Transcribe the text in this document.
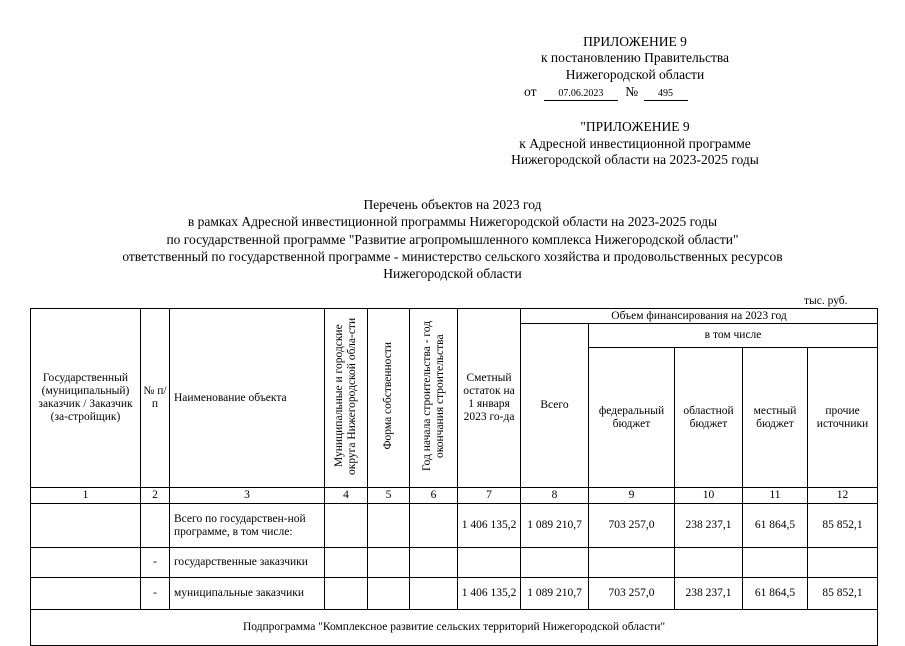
ПРИЛОЖЕНИЕ 9
к постановлению Правительства
Нижегородской области
от 07.06.2023 № 495
"ПРИЛОЖЕНИЕ 9
к Адресной инвестиционной программе
Нижегородской области на 2023-2025 годы
Перечень объектов на 2023 год
в рамках Адресной инвестиционной программы Нижегородской области на 2023-2025 годы
по государственной программе "Развитие агропромышленного комплекса Нижегородской области"
ответственный по государственной программе - министерство сельского хозяйства и продовольственных ресурсов
Нижегородской области
тыс. руб.
Государственный (муниципальный) заказчик / Заказчик (за-стройщик)	№ п/п	Наименование объекта	Муниципальные и городские округа Нижегородской обла-сти	Форма собственности	Год начала строительства - год окончания строительства	Сметный остаток на 1 января 2023 го-да	Объем финансирования на 2023 год				
							Всего	в том числе			
								федеральный бюджет	областной бюджет	местный бюджет	прочие источники
1	2	3	4	5	6	7	8	9	10	11	12
		Всего по государствен-ной программе, в том числе:				1 406 135,2	1 089 210,7	703 257,0	238 237,1	61 864,5	85 852,1
	-	государственные заказчики									
	-	муниципальные заказчики				1 406 135,2	1 089 210,7	703 257,0	238 237,1	61 864,5	85 852,1
Подпрограмма "Комплексное развитие сельских территорий Нижегородской области"											
